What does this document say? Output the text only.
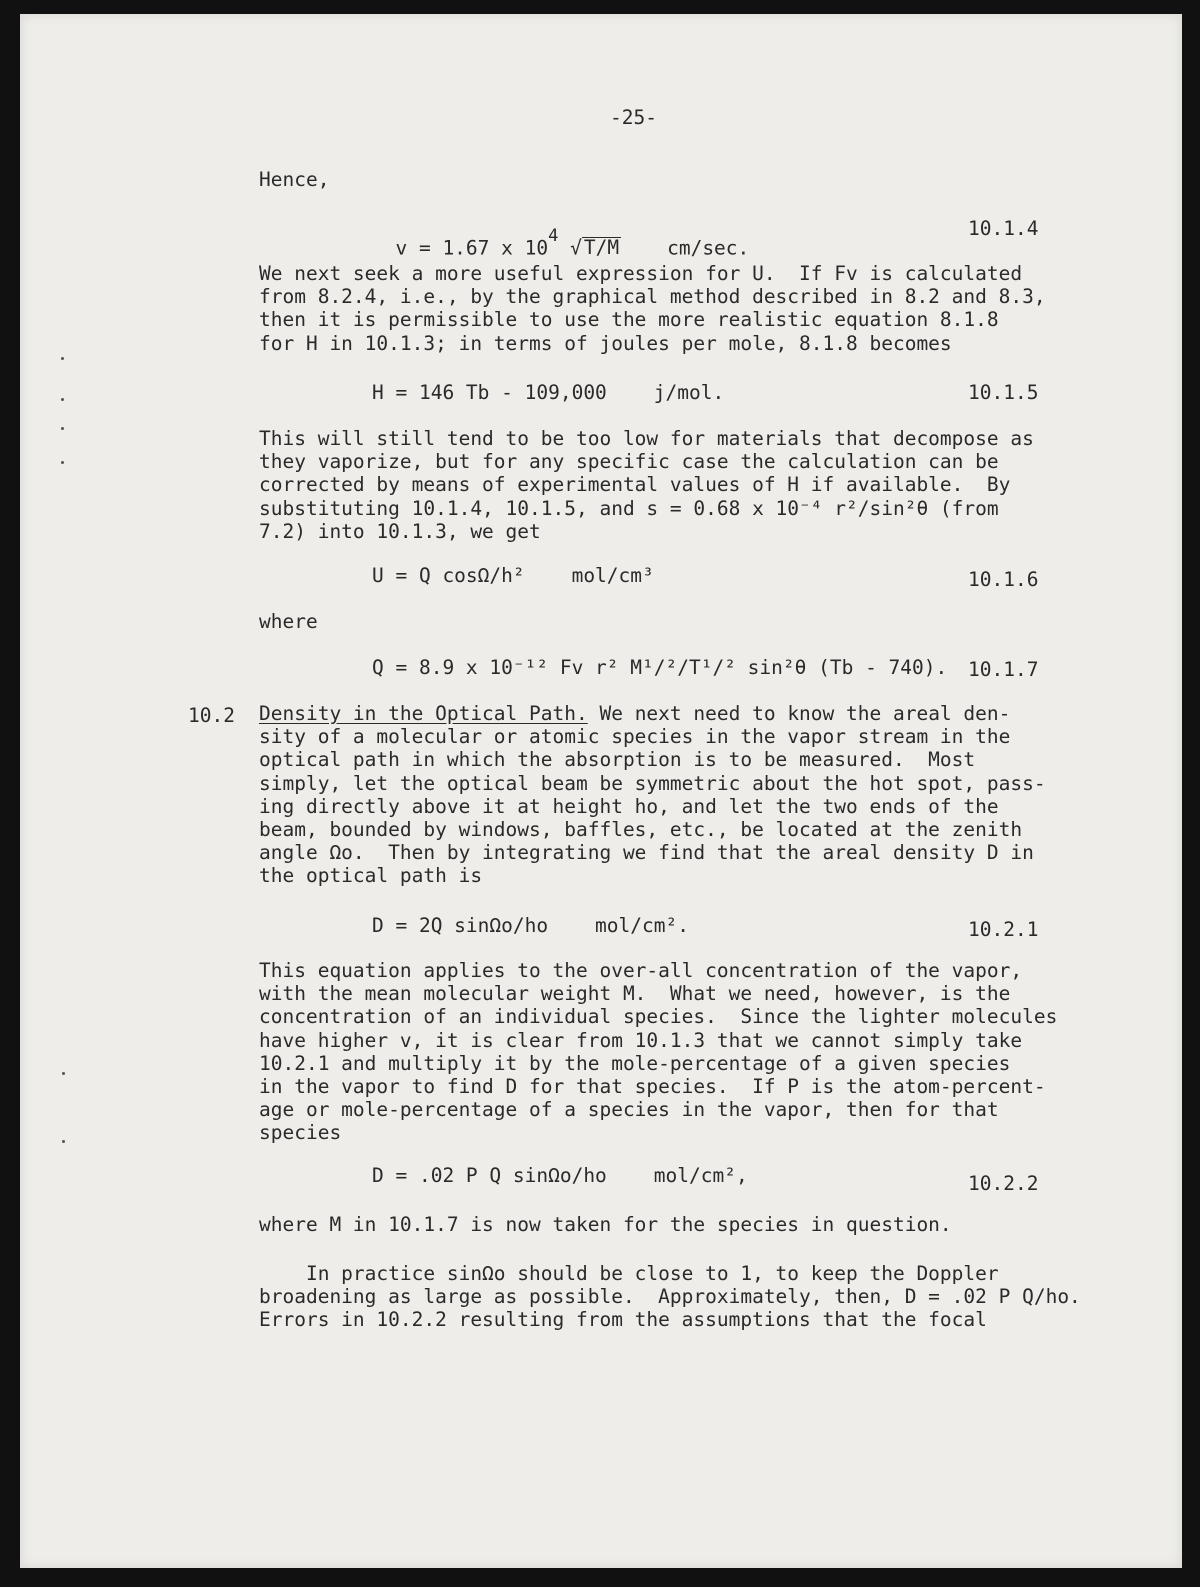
-25-
Hence,

v = 1.67 x $10^4$ √ T/M cm/sec.

10.1.4
We next seek a more useful expression for U.  If Fv is calculated
from 8.2.4, i.e., by the graphical method described in 8.2 and 8.3,
then it is permissible to use the more realistic equation 8.1.8
for H in 10.1.3; in terms of joules per mole, 8.1.8 becomes
H = 146 Tb - 109,000    j/mol.	10.1.5
This will still tend to be too low for materials that decompose as
they vaporize, but for any specific case the calculation can be
corrected by means of experimental values of H if available.  By
substituting 10.1.4, 10.1.5, and s = 0.68 x 10⁻⁴ r²/sin²θ (from
7.2) into 10.1.3, we get
U = Q cosΩ/h²    mol/cm³	10.1.6
where
Q = 8.9 x 10⁻¹² Fv r² M¹/²/T¹/² sin²θ (Tb - 740). 10.1.7
10.2 Density in the Optical Path. We next need to know the areal den-
sity of a molecular or atomic species in the vapor stream in the
optical path in which the absorption is to be measured.  Most
simply, let the optical beam be symmetric about the hot spot, pass-
ing directly above it at height ho, and let the two ends of the
beam, bounded by windows, baffles, etc., be located at the zenith
angle Ωo.  Then by integrating we find that the areal density D in
the optical path is
D = 2Q sinΩo/ho    mol/cm².	10.2.1
This equation applies to the over-all concentration of the vapor,
with the mean molecular weight M.  What we need, however, is the
concentration of an individual species.  Since the lighter molecules
have higher v, it is clear from 10.1.3 that we cannot simply take
10.2.1 and multiply it by the mole-percentage of a given species
in the vapor to find D for that species.  If P is the atom-percent-
age or mole-percentage of a species in the vapor, then for that
species
D = .02 P Q sinΩo/ho    mol/cm²,	10.2.2
where M in 10.1.7 is now taken for the species in question.
In practice sinΩo should be close to 1, to keep the Doppler
broadening as large as possible.  Approximately, then, D = .02 P Q/ho.
Errors in 10.2.2 resulting from the assumptions that the focal
